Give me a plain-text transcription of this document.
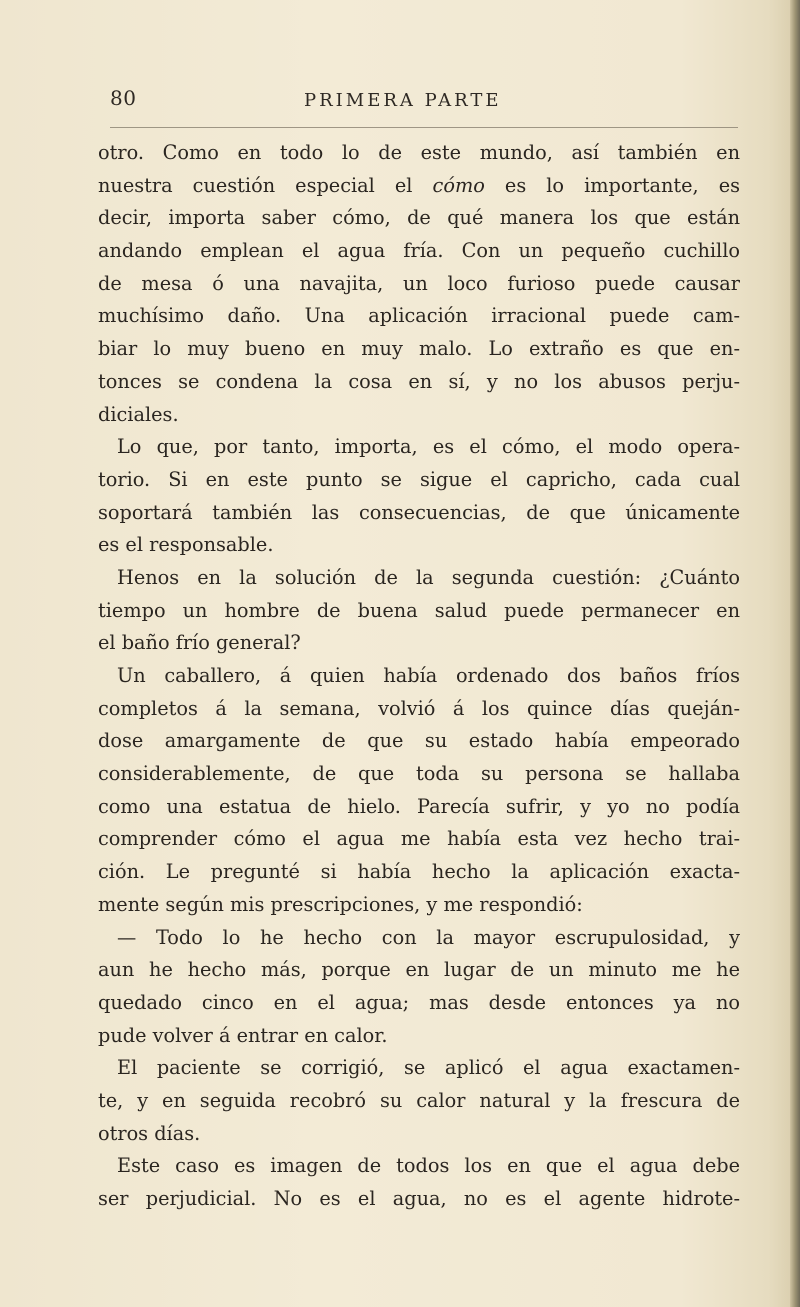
80	PRIMERA PARTE
otro. Como en todo lo de este mundo, así también en
nuestra cuestión especial el cómo es lo importante, es
decir, importa saber cómo, de qué manera los que están
andando emplean el agua fría. Con un pequeño cuchillo
de mesa ó una navajita, un loco furioso puede causar
muchísimo daño. Una aplicación irracional puede cam-
biar lo muy bueno en muy malo. Lo extraño es que en-
tonces se condena la cosa en sí, y no los abusos perju-
diciales.
Lo que, por tanto, importa, es el cómo, el modo opera-
torio. Si en este punto se sigue el capricho, cada cual
soportará también las consecuencias, de que únicamente
es el responsable.
Henos en la solución de la segunda cuestión: ¿Cuánto
tiempo un hombre de buena salud puede permanecer en
el baño frío general?
Un caballero, á quien había ordenado dos baños fríos
completos á la semana, volvió á los quince días queján-
dose amargamente de que su estado había empeorado
considerablemente, de que toda su persona se hallaba
como una estatua de hielo. Parecía sufrir, y yo no podía
comprender cómo el agua me había esta vez hecho trai-
ción. Le pregunté si había hecho la aplicación exacta-
mente según mis prescripciones, y me respondió:
— Todo lo he hecho con la mayor escrupulosidad, y
aun he hecho más, porque en lugar de un minuto me he
quedado cinco en el agua; mas desde entonces ya no
pude volver á entrar en calor.
El paciente se corrigió, se aplicó el agua exactamen-
te, y en seguida recobró su calor natural y la frescura de
otros días.
Este caso es imagen de todos los en que el agua debe
ser perjudicial. No es el agua, no es el agente hidrote-
